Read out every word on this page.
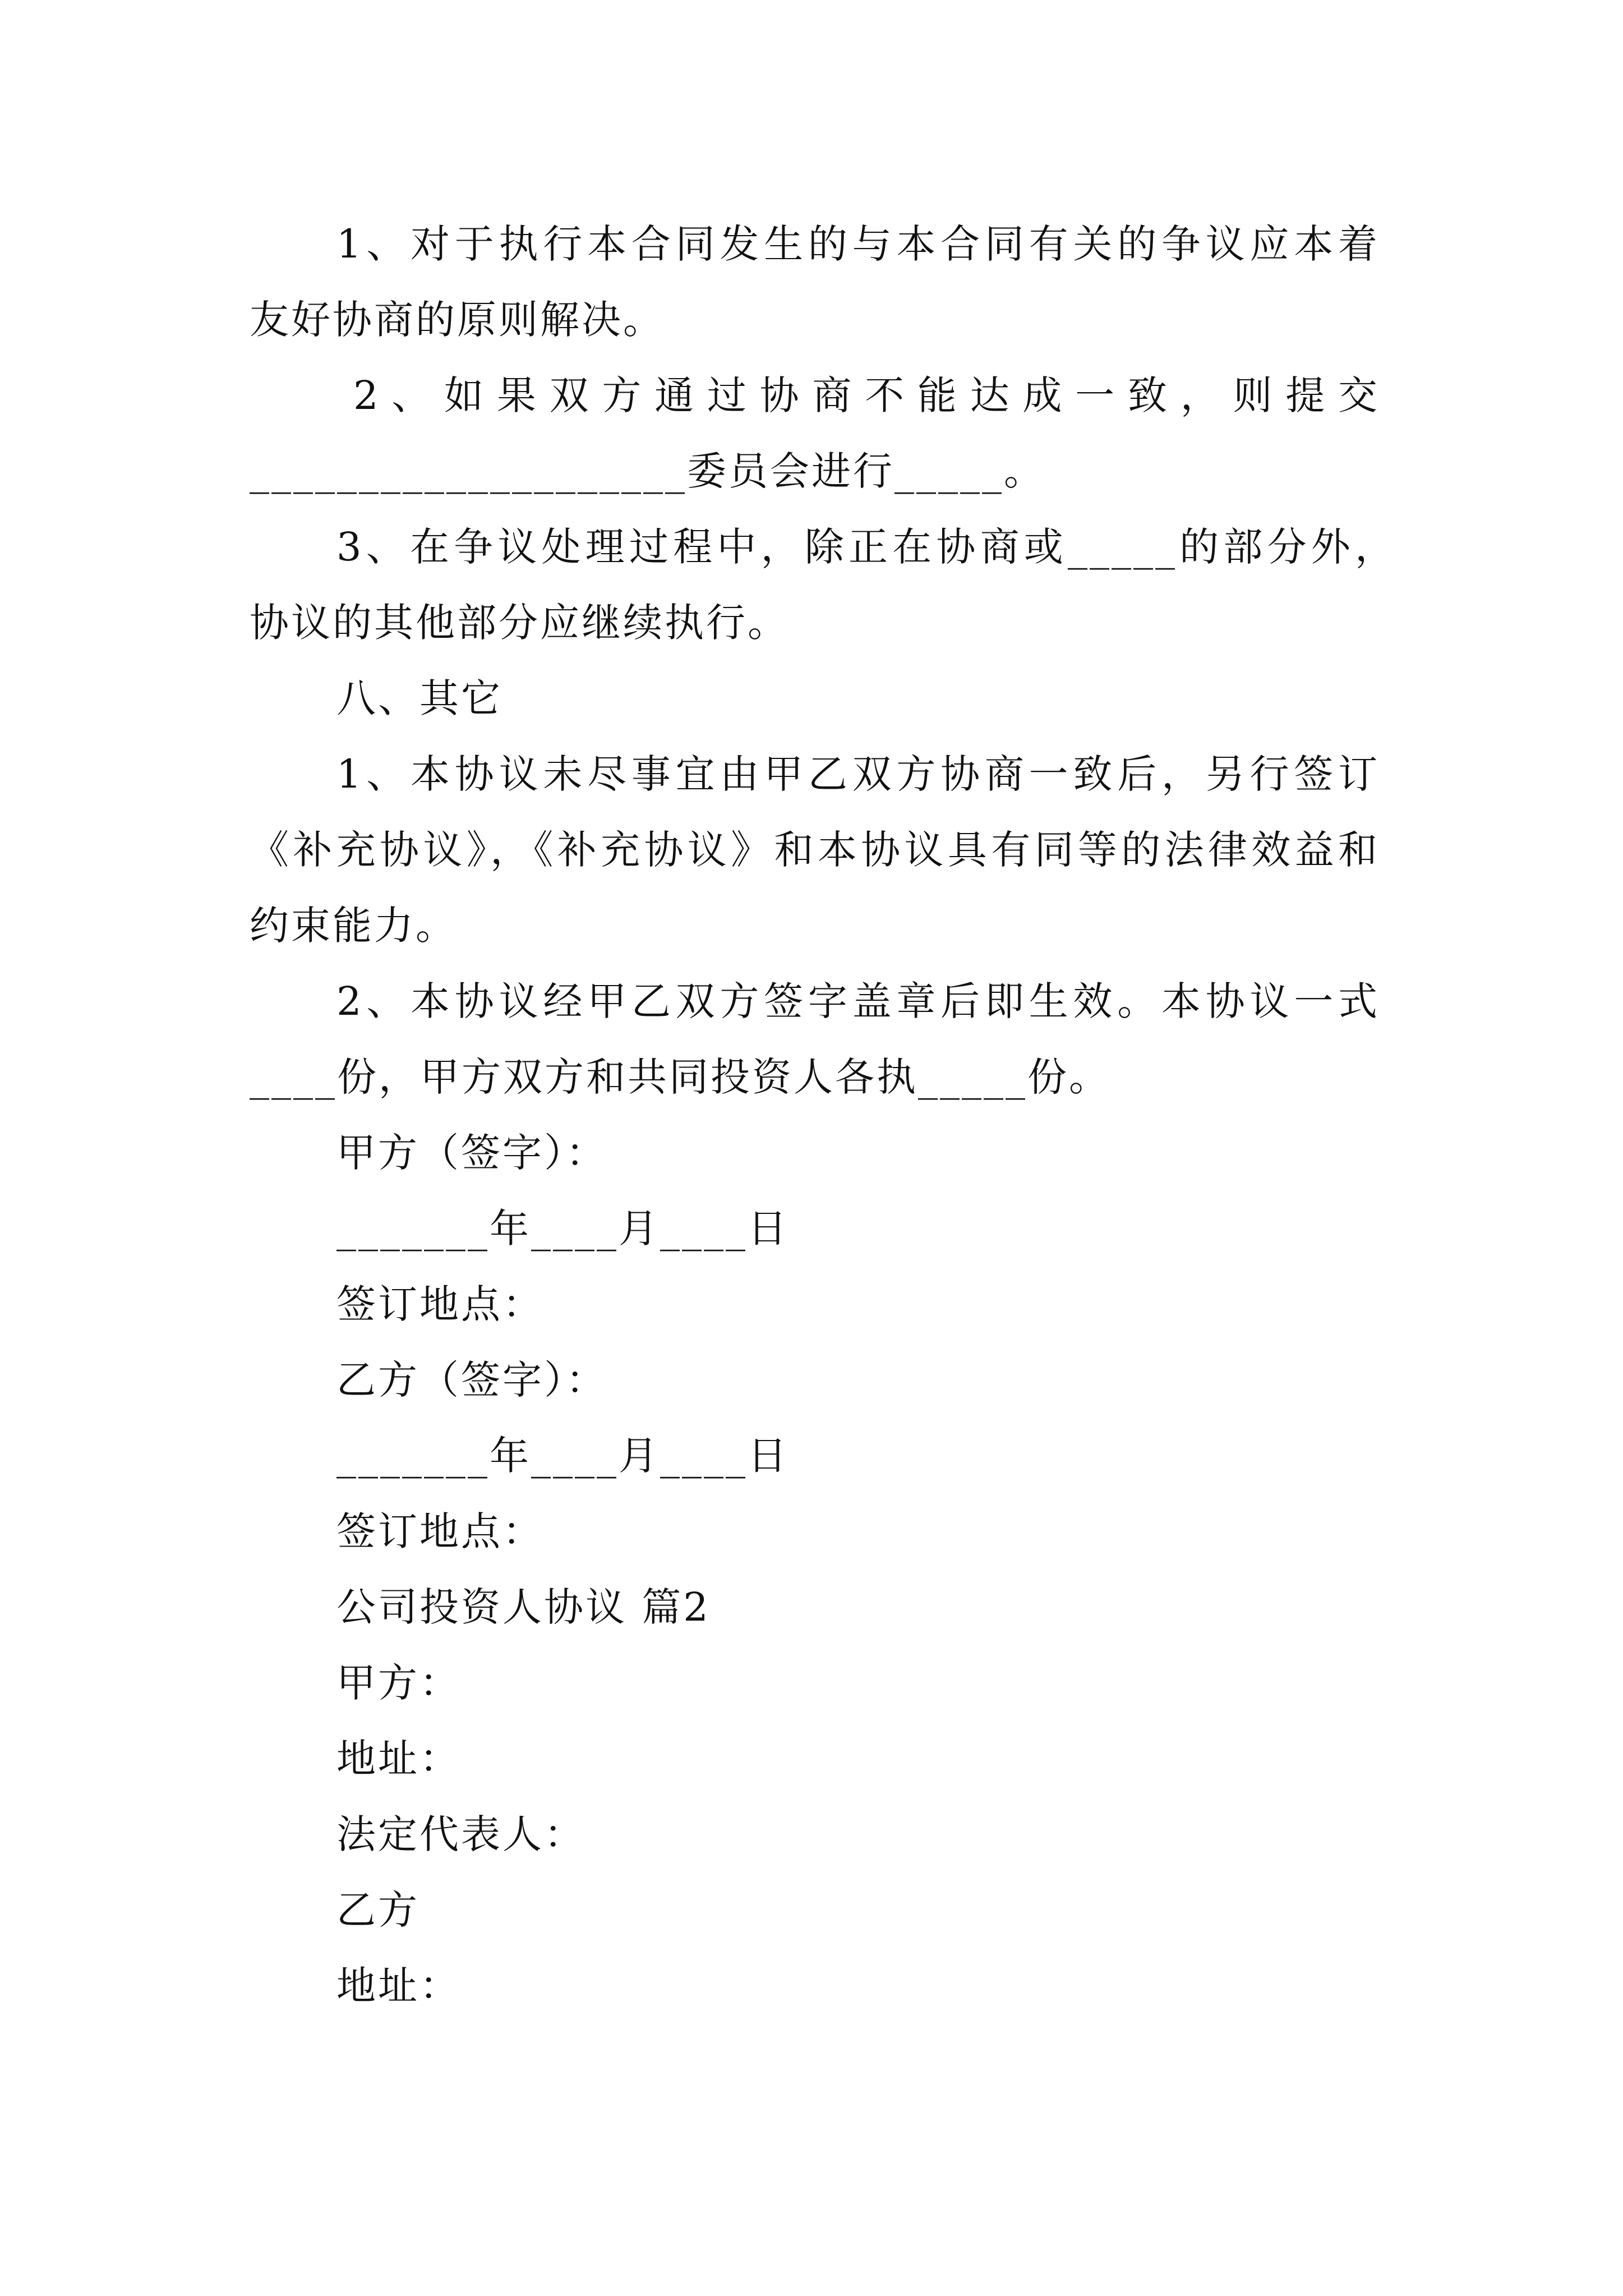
1、对于执行本合同发生的与本合同有关的争议应本着
友好协商的原则解决。
2、如果双方通过协商不能达成一致，则提交
____________________委员会进行_____。
3、在争议处理过程中，除正在协商或_____的部分外，
协议的其他部分应继续执行。
八、其它
1、本协议未尽事宜由甲乙双方协商一致后，另行签订
《补充协议》，《补充协议》和本协议具有同等的法律效益和
约束能力。
2、本协议经甲乙双方签字盖章后即生效。本协议一式
____份，甲方双方和共同投资人各执_____份。
甲方（签字）：
_______年____月____日
签订地点：
乙方（签字）：
_______年____月____日
签订地点：
公司投资人协议 篇2
甲方：
地址：
法定代表人：
乙方
地址：
